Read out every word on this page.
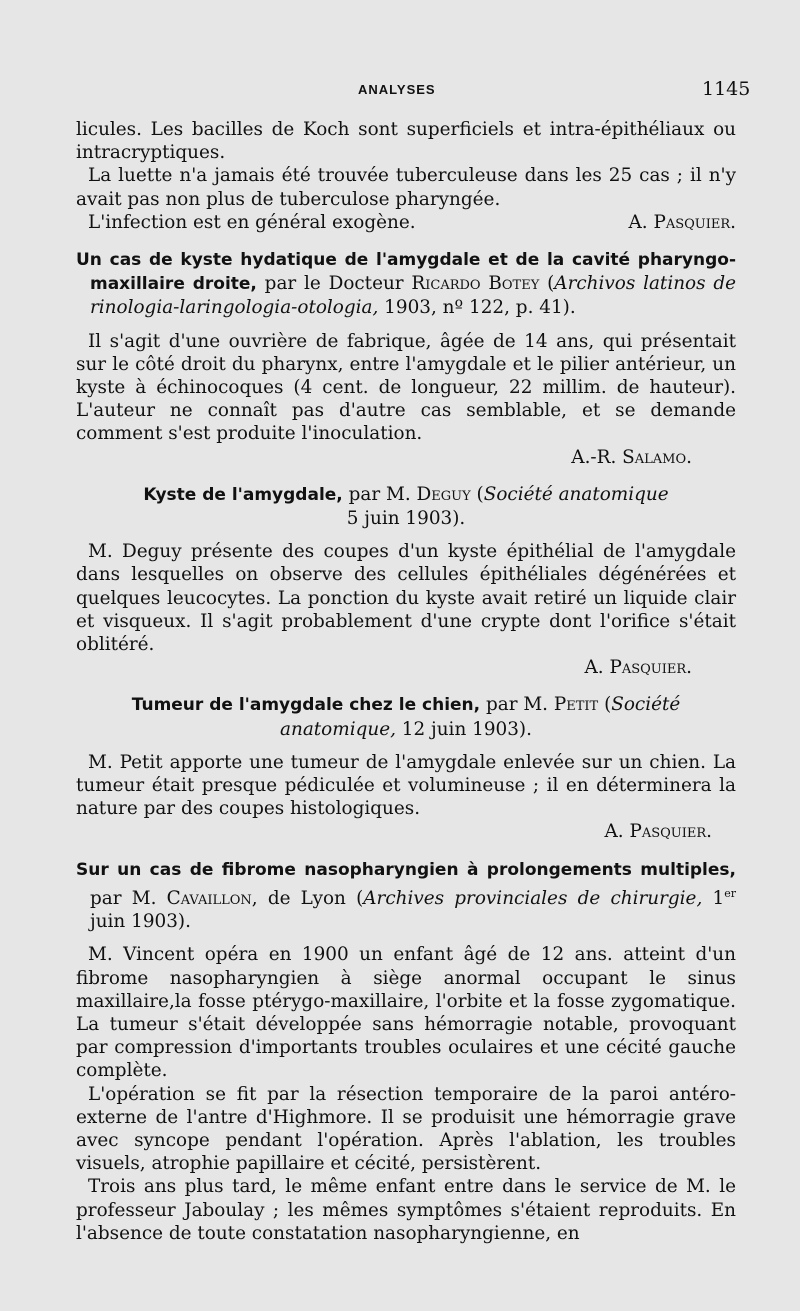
ANALYSES	1145

licules. Les bacilles de Koch sont superficiels et intra-épithéliaux ou intracryptiques.

La luette n'a jamais été trouvée tuberculeuse dans les 25 cas ; il n'y avait pas non plus de tuberculose pharyngée.

L'infection est en général exogène.	A. Pasquier.

Un cas de kyste hydatique de l'amygdale et de la cavité pharyngo-maxillaire droite, par le Docteur Ricardo Botey (Archivos latinos de rinologia-laringologia-otologia, 1903, nº 122, p. 41).

Il s'agit d'une ouvrière de fabrique, âgée de 14 ans, qui présentait sur le côté droit du pharynx, entre l'amygdale et le pilier antérieur, un kyste à échinocoques (4 cent. de longueur, 22 millim. de hauteur). L'auteur ne connaît pas d'autre cas semblable, et se demande comment s'est produite l'inoculation.

A.-R. Salamo.

Kyste de l'amygdale, par M. Deguy (Société anatomique

5 juin 1903).

M. Deguy présente des coupes d'un kyste épithélial de l'amygdale dans lesquelles on observe des cellules épithéliales dégénérées et quelques leucocytes. La ponction du kyste avait retiré un liquide clair et visqueux. Il s'agit probablement d'une crypte dont l'orifice s'était oblitéré.

A. Pasquier.

Tumeur de l'amygdale chez le chien, par M. Petit (Société

anatomique, 12 juin 1903).

M. Petit apporte une tumeur de l'amygdale enlevée sur un chien. La tumeur était presque pédiculée et volumineuse ; il en déterminera la nature par des coupes histologiques.

A. Pasquier.

Sur un cas de fibrome nasopharyngien à prolongements multiples, par M. Cavaillon, de Lyon (Archives provinciales de chirurgie, 1er juin 1903).

M. Vincent opéra en 1900 un enfant âgé de 12 ans. atteint d'un fibrome nasopharyngien à siège anormal occupant le sinus maxillaire,la fosse ptérygo-maxillaire, l'orbite et la fosse zygomatique. La tumeur s'était développée sans hémorragie notable, provoquant par compression d'importants troubles oculaires et une cécité gauche complète.

L'opération se fit par la résection temporaire de la paroi antéro-externe de l'antre d'Highmore. Il se produisit une hémorragie grave avec syncope pendant l'opération. Après l'ablation, les troubles visuels, atrophie papillaire et cécité, persistèrent.

Trois ans plus tard, le même enfant entre dans le service de M. le professeur Jaboulay ; les mêmes symptômes s'étaient reproduits. En l'absence de toute constatation nasopharyngienne, en
